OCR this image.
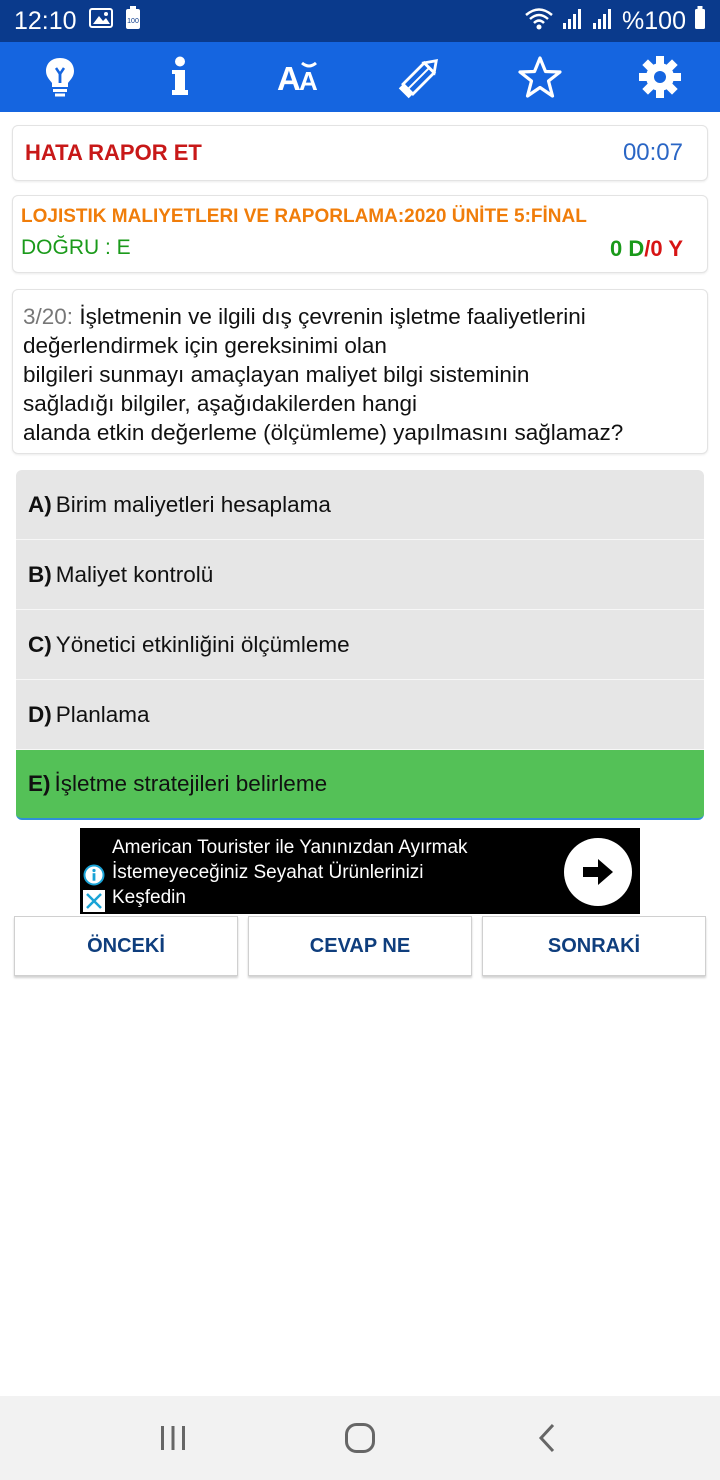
12:10	100	%100
A
A
HATA RAPOR ET	00:07
LOJISTIK MALIYETLERI VE RAPORLAMA:2020 ÜNİTE 5:FİNAL
DOĞRU : E	0 D/0 Y
3/20: İşletmenin ve ilgili dış çevrenin işletme faaliyetlerini
değerlendirmek için gereksinimi olan
bilgileri sunmayı amaçlayan maliyet bilgi sisteminin
sağladığı bilgiler, aşağıdakilerden hangi
alanda etkin değerleme (ölçümleme) yapılmasını sağlamaz?
A) Birim maliyetleri hesaplama
B) Maliyet kontrolü
C) Yönetici etkinliğini ölçümleme
D) Planlama
E) İşletme stratejileri belirleme
American Tourister ile Yanınızdan Ayırmak
İstemeyeceğiniz Seyahat Ürünlerinizi
Keşfedin
ÖNCEKİ	CEVAP NE	SONRAKİ
